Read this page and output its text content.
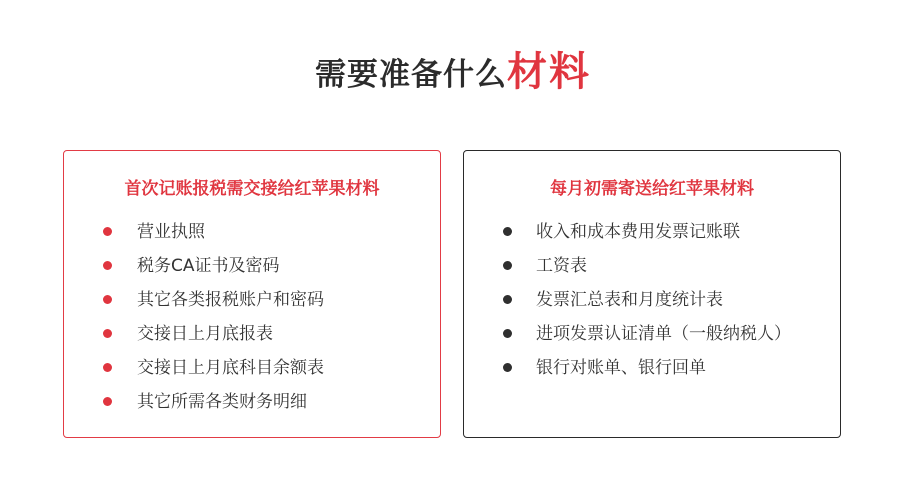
需要准备什么材料
首次记账报税需交接给红苹果材料
营业执照
税务CA证书及密码
其它各类报税账户和密码
交接日上月底报表
交接日上月底科目余额表
其它所需各类财务明细
每月初需寄送给红苹果材料
收入和成本费用发票记账联
工资表
发票汇总表和月度统计表
进项发票认证清单（一般纳税人）
银行对账单、银行回单
